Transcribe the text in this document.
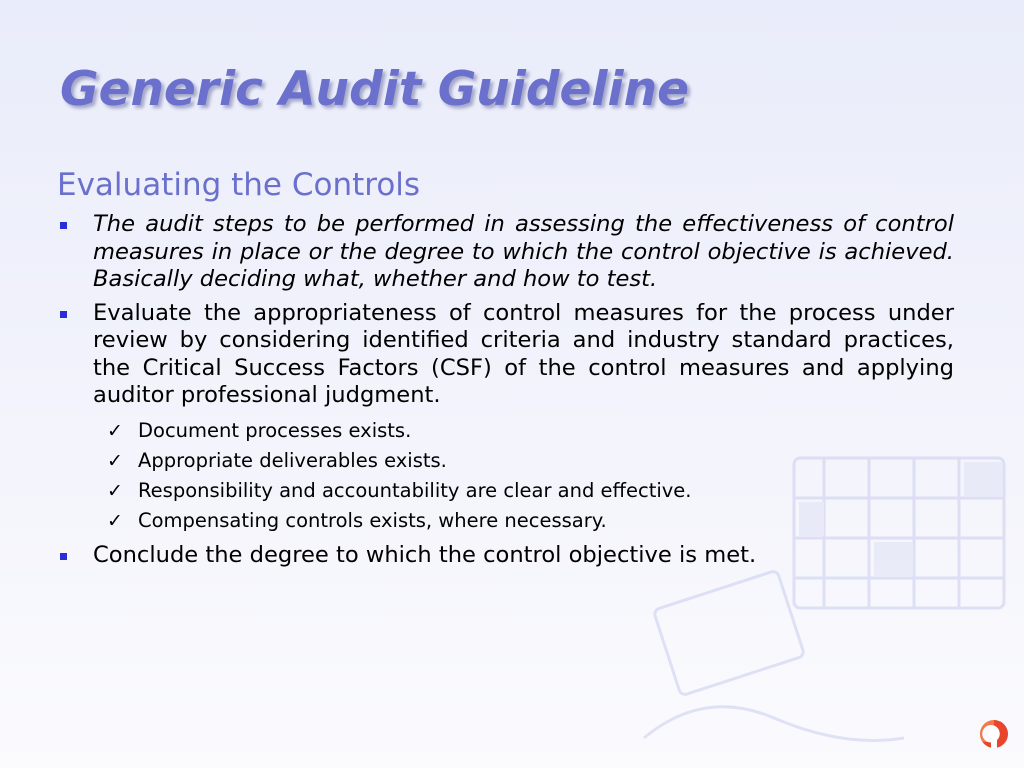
Generic Audit Guideline
Evaluating the Controls
The audit steps to be performed in assessing the effectiveness of control measures in place or the degree to which the control objective is achieved. Basically deciding what, whether and how to test.
Evaluate the appropriateness of control measures for the process under review by considering identified criteria and industry standard practices, the Critical Success Factors (CSF) of the control measures and applying auditor professional judgment.
✓ Document processes exists.
✓ Appropriate deliverables exists.
✓ Responsibility and accountability are clear and effective.
✓ Compensating controls exists, where necessary.
Conclude the degree to which the control objective is met.
